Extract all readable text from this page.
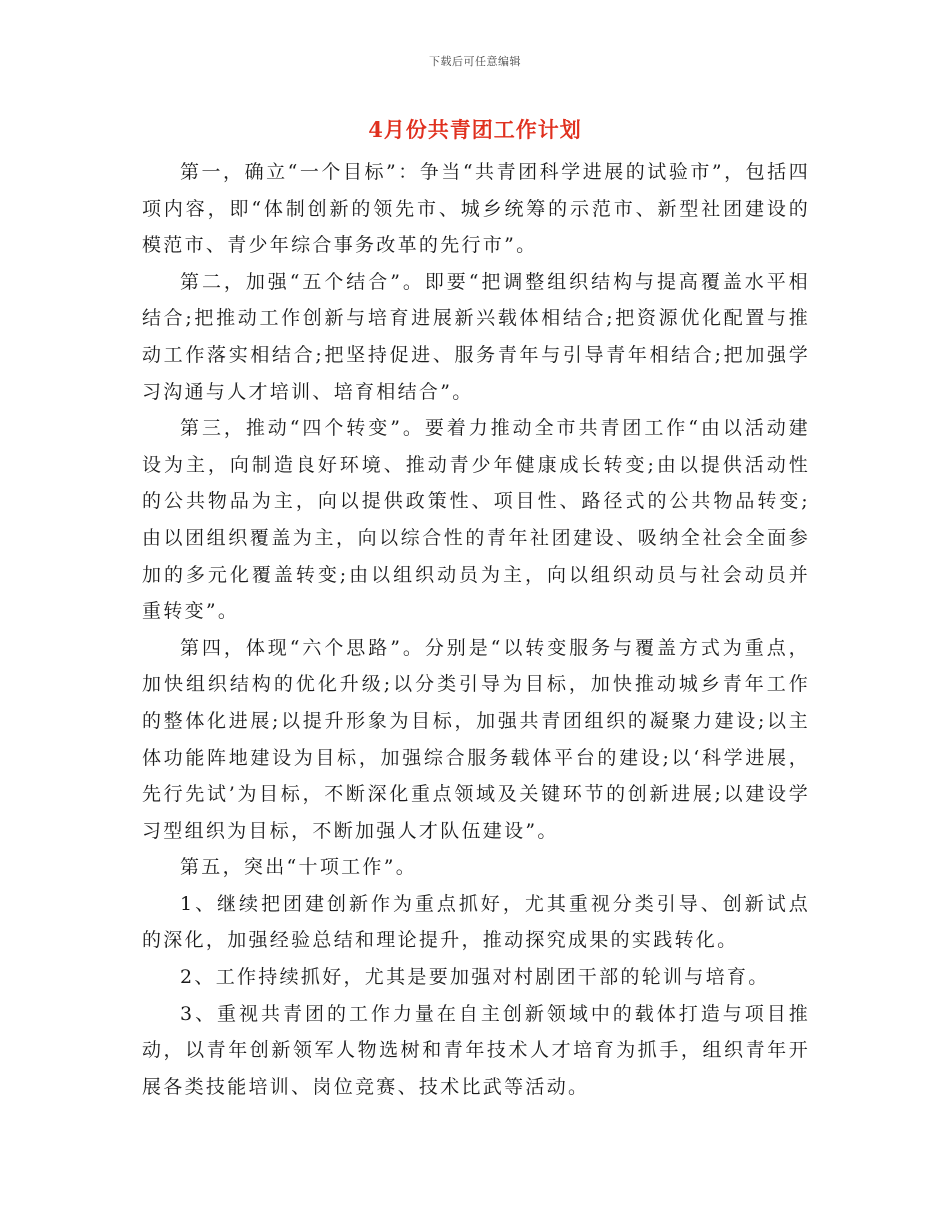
下载后可任意编辑
4月份共青团工作计划

第一，确立“一个目标”：争当“共青团科学进展的试验市”，包括四项内容，即“体制创新的领先市、城乡统筹的示范市、新型社团建设的模范市、青少年综合事务改革的先行市”。

第二，加强“五个结合”。即要“把调整组织结构与提高覆盖水平相结合;把推动工作创新与培育进展新兴载体相结合;把资源优化配置与推动工作落实相结合;把坚持促进、服务青年与引导青年相结合;把加强学习沟通与人才培训、培育相结合”。

第三，推动“四个转变”。要着力推动全市共青团工作“由以活动建设为主，向制造良好环境、推动青少年健康成长转变;由以提供活动性的公共物品为主，向以提供政策性、项目性、路径式的公共物品转变;由以团组织覆盖为主，向以综合性的青年社团建设、吸纳全社会全面参加的多元化覆盖转变;由以组织动员为主，向以组织动员与社会动员并重转变”。

第四，体现“六个思路”。分别是“以转变服务与覆盖方式为重点，加快组织结构的优化升级;以分类引导为目标，加快推动城乡青年工作的整体化进展;以提升形象为目标，加强共青团组织的凝聚力建设;以主体功能阵地建设为目标，加强综合服务载体平台的建设;以‘科学进展，先行先试’为目标，不断深化重点领域及关键环节的创新进展;以建设学习型组织为目标，不断加强人才队伍建设”。

第五，突出“十项工作”。

1、继续把团建创新作为重点抓好，尤其重视分类引导、创新试点的深化，加强经验总结和理论提升，推动探究成果的实践转化。

2、工作持续抓好，尤其是要加强对村剧团干部的轮训与培育。

3、重视共青团的工作力量在自主创新领域中的载体打造与项目推动，以青年创新领军人物选树和青年技术人才培育为抓手，组织青年开展各类技能培训、岗位竞赛、技术比武等活动。
